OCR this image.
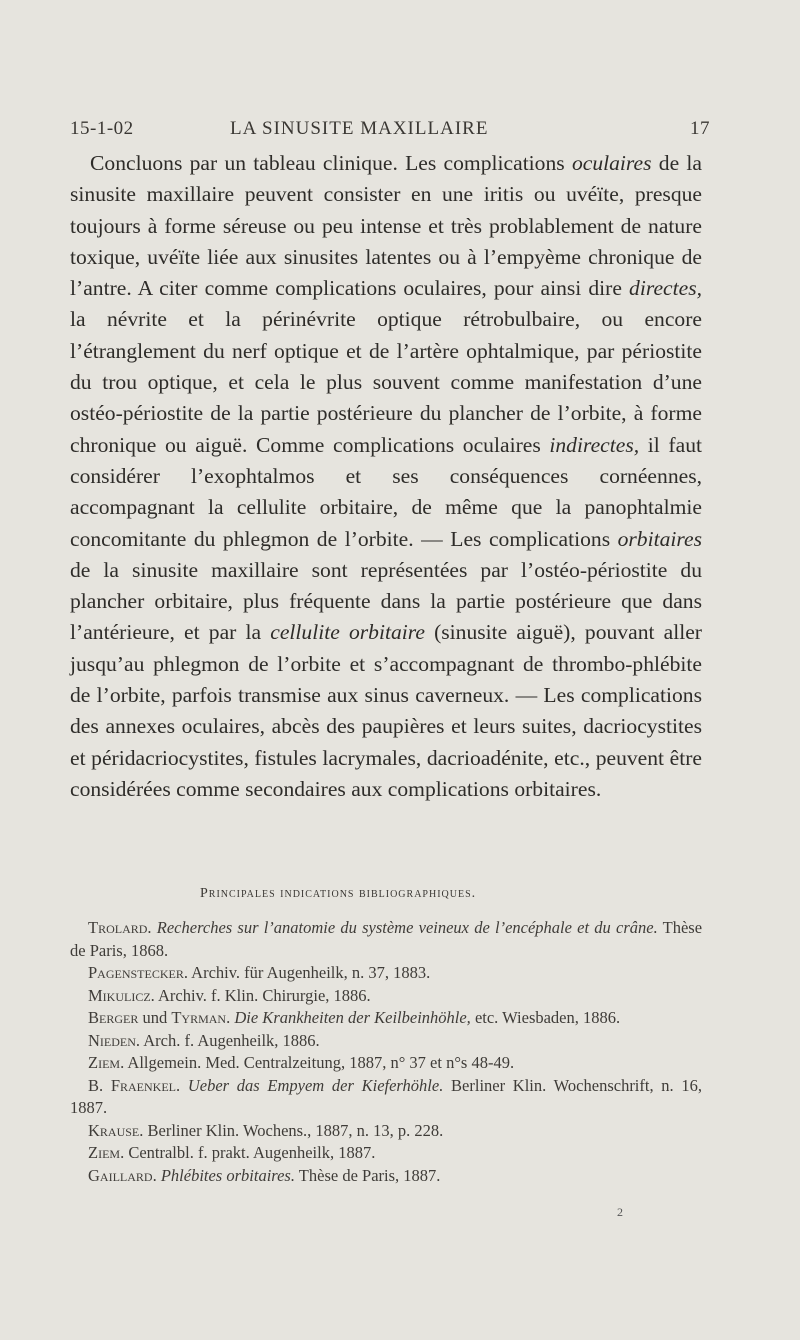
15-1-02	LA SINUSITE MAXILLAIRE	17

Concluons par un tableau clinique. Les complications oculaires de la sinusite maxillaire peuvent consister en une iritis ou uvéïte, presque toujours à forme séreuse ou peu intense et très problablement de nature toxique, uvéïte liée aux sinusites latentes ou à l’empyème chronique de l’antre. A citer comme complications oculaires, pour ainsi dire directes, la névrite et la périnévrite optique rétrobulbaire, ou encore l’étranglement du nerf optique et de l’artère ophtalmique, par périostite du trou optique, et cela le plus souvent comme manifestation d’une ostéo-périostite de la partie postérieure du plancher de l’orbite, à forme chronique ou aiguë. Comme complications oculaires indirectes, il faut considérer l’exophtalmos et ses conséquences cornéennes, accompagnant la cellulite orbitaire, de même que la panophtalmie concomitante du phlegmon de l’orbite. — Les complications orbitaires de la sinusite maxillaire sont représentées par l’ostéo-périostite du plancher orbitaire, plus fréquente dans la partie postérieure que dans l’antérieure, et par la cellulite orbitaire (sinusite aiguë), pouvant aller jusqu’au phlegmon de l’orbite et s’accompagnant de thrombo-phlébite de l’orbite, parfois transmise aux sinus caverneux. — Les complications des annexes oculaires, abcès des paupières et leurs suites, dacriocystites et péridacriocystites, fistules lacrymales, dacrioadénite, etc., peuvent être considérées comme secondaires aux complications orbitaires.

Principales indications bibliographiques.

Trolard. Recherches sur l’anatomie du système veineux de l’encéphale et du crâne. Thèse de Paris, 1868.

Pagenstecker. Archiv. für Augenheilk, n. 37, 1883.

Mikulicz. Archiv. f. Klin. Chirurgie, 1886.

Berger und Tyrman. Die Krankheiten der Keilbeinhöhle, etc. Wiesbaden, 1886.

Nieden. Arch. f. Augenheilk, 1886.

Ziem. Allgemein. Med. Centralzeitung, 1887, n° 37 et n°s 48-49.

B. Fraenkel. Ueber das Empyem der Kieferhöhle. Berliner Klin. Wochenschrift, n. 16, 1887.

Krause. Berliner Klin. Wochens., 1887, n. 13, p. 228.

Ziem. Centralbl. f. prakt. Augenheilk, 1887.

Gaillard. Phlébites orbitaires. Thèse de Paris, 1887.

2
